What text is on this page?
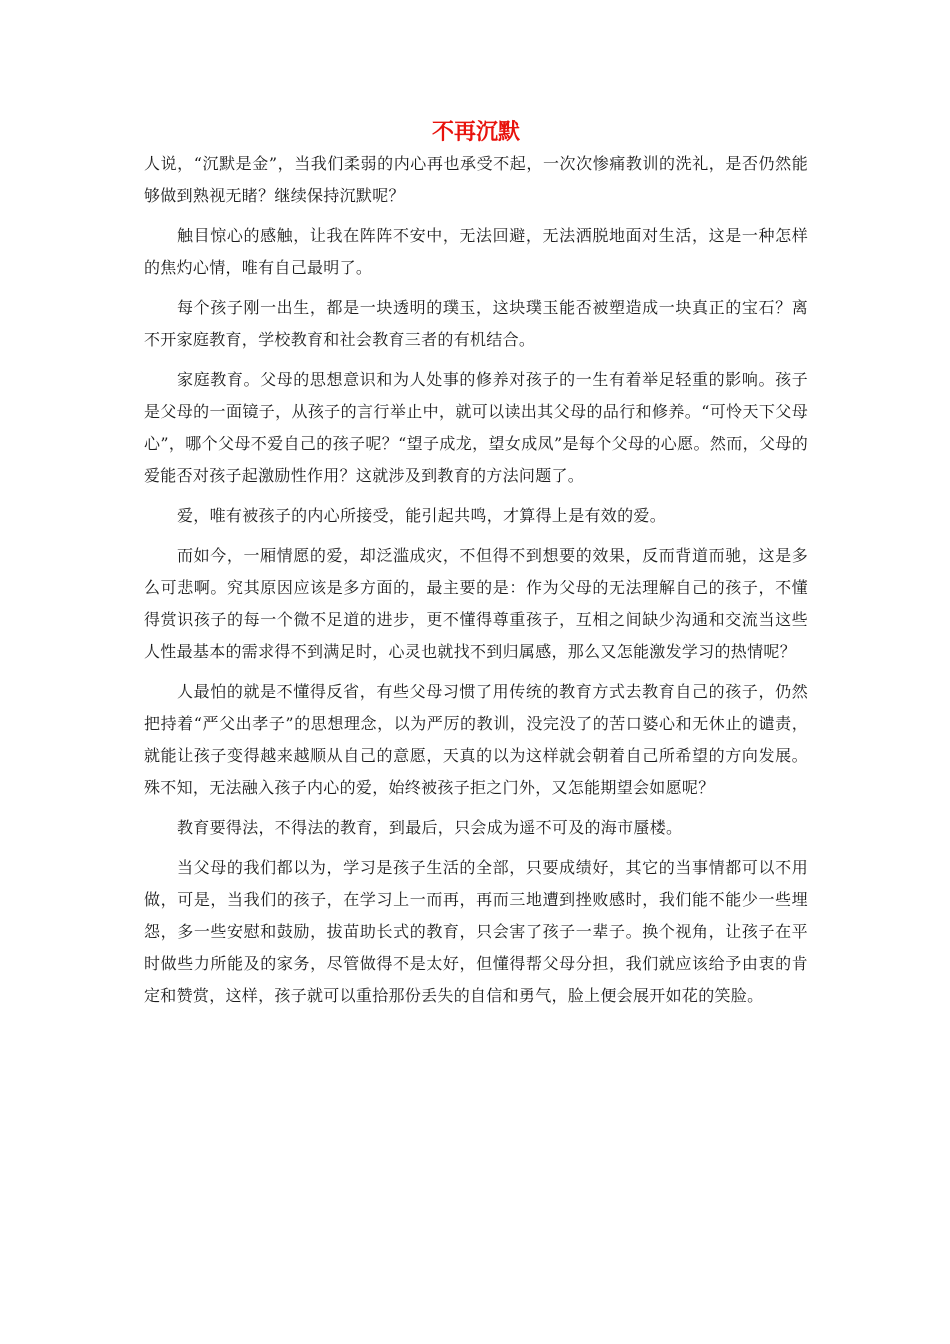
不再沉默

人说，“沉默是金”，当我们柔弱的内心再也承受不起，一次次惨痛教训的洗礼，是否仍然能够做到熟视无睹？继续保持沉默呢？

触目惊心的感触，让我在阵阵不安中，无法回避，无法洒脱地面对生活，这是一种怎样的焦灼心情，唯有自己最明了。

每个孩子刚一出生，都是一块透明的璞玉，这块璞玉能否被塑造成一块真正的宝石？离不开家庭教育，学校教育和社会教育三者的有机结合。

家庭教育。父母的思想意识和为人处事的修养对孩子的一生有着举足轻重的影响。孩子是父母的一面镜子，从孩子的言行举止中，就可以读出其父母的品行和修养。“可怜天下父母心”，哪个父母不爱自己的孩子呢？“望子成龙，望女成凤”是每个父母的心愿。然而，父母的爱能否对孩子起激励性作用？这就涉及到教育的方法问题了。

爱，唯有被孩子的内心所接受，能引起共鸣，才算得上是有效的爱。

而如今，一厢情愿的爱，却泛滥成灾，不但得不到想要的效果，反而背道而驰，这是多么可悲啊。究其原因应该是多方面的，最主要的是：作为父母的无法理解自己的孩子，不懂得赏识孩子的每一个微不足道的进步，更不懂得尊重孩子，互相之间缺少沟通和交流当这些人性最基本的需求得不到满足时，心灵也就找不到归属感，那么又怎能激发学习的热情呢？

人最怕的就是不懂得反省，有些父母习惯了用传统的教育方式去教育自己的孩子，仍然把持着“严父出孝子”的思想理念，以为严厉的教训，没完没了的苦口婆心和无休止的谴责，就能让孩子变得越来越顺从自己的意愿，天真的以为这样就会朝着自己所希望的方向发展。殊不知，无法融入孩子内心的爱，始终被孩子拒之门外，又怎能期望会如愿呢？

教育要得法，不得法的教育，到最后，只会成为遥不可及的海市蜃楼。

当父母的我们都以为，学习是孩子生活的全部，只要成绩好，其它的当事情都可以不用做，可是，当我们的孩子，在学习上一而再，再而三地遭到挫败感时，我们能不能少一些埋怨，多一些安慰和鼓励，拔苗助长式的教育，只会害了孩子一辈子。换个视角，让孩子在平时做些力所能及的家务，尽管做得不是太好，但懂得帮父母分担，我们就应该给予由衷的肯定和赞赏，这样，孩子就可以重拾那份丢失的自信和勇气，脸上便会展开如花的笑脸。
